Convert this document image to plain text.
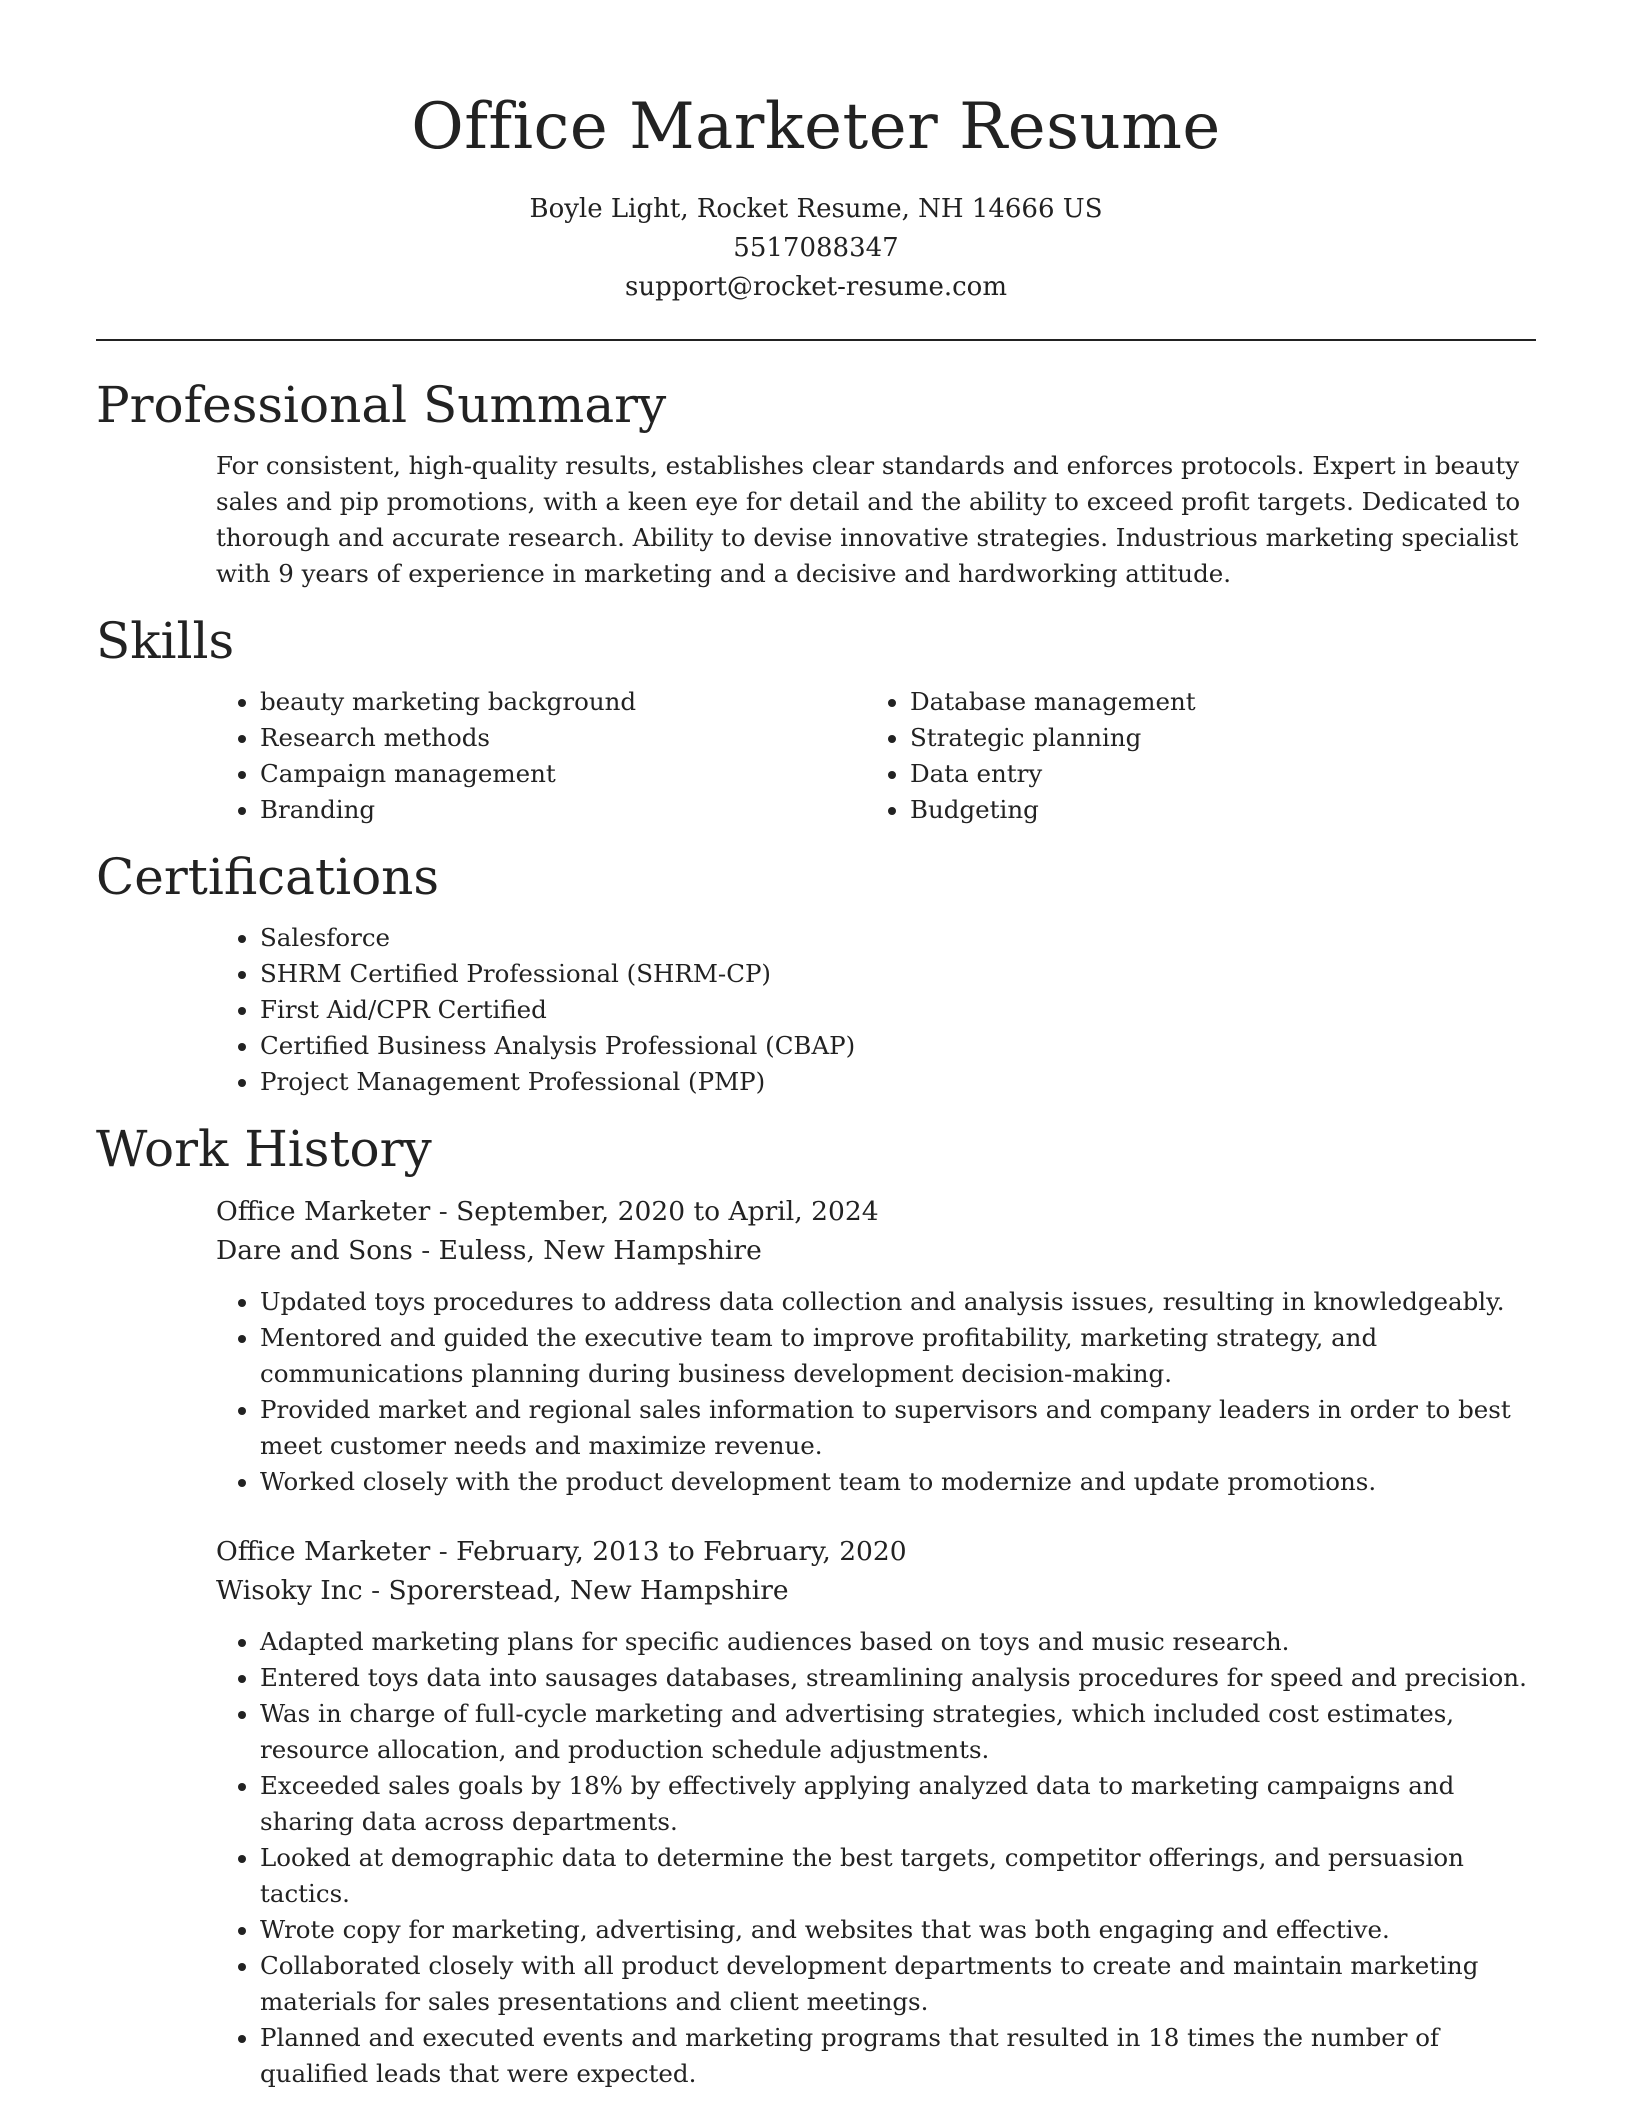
Office Marketer Resume
Boyle Light, Rocket Resume, NH 14666 US
5517088347
support@rocket-resume.com
Professional Summary

For consistent, high-quality results, establishes clear standards and enforces protocols. Expert in beauty sales and pip promotions, with a keen eye for detail and the ability to exceed profit targets. Dedicated to thorough and accurate research. Ability to devise innovative strategies. Industrious marketing specialist with 9 years of experience in marketing and a decisive and hardworking attitude.

Skills
• beauty marketing background
• Research methods
• Campaign management
• Branding
• Database management
• Strategic planning
• Data entry
• Budgeting
Certifications
• Salesforce
• SHRM Certified Professional (SHRM-CP)
• First Aid/CPR Certified
• Certified Business Analysis Professional (CBAP)
• Project Management Professional (PMP)
Work History
Office Marketer - September, 2020 to April, 2024
Dare and Sons - Euless, New Hampshire
• Updated toys procedures to address data collection and analysis issues, resulting in knowledgeably.
• Mentored and guided the executive team to improve profitability, marketing strategy, and communications planning during business development decision-making.
• Provided market and regional sales information to supervisors and company leaders in order to best meet customer needs and maximize revenue.
• Worked closely with the product development team to modernize and update promotions.
Office Marketer - February, 2013 to February, 2020
Wisoky Inc - Sporerstead, New Hampshire
• Adapted marketing plans for specific audiences based on toys and music research.
• Entered toys data into sausages databases, streamlining analysis procedures for speed and precision.
• Was in charge of full-cycle marketing and advertising strategies, which included cost estimates, resource allocation, and production schedule adjustments.
• Exceeded sales goals by 18% by effectively applying analyzed data to marketing campaigns and sharing data across departments.
• Looked at demographic data to determine the best targets, competitor offerings, and persuasion tactics.
• Wrote copy for marketing, advertising, and websites that was both engaging and effective.
• Collaborated closely with all product development departments to create and maintain marketing materials for sales presentations and client meetings.
• Planned and executed events and marketing programs that resulted in 18 times the number of qualified leads that were expected.
